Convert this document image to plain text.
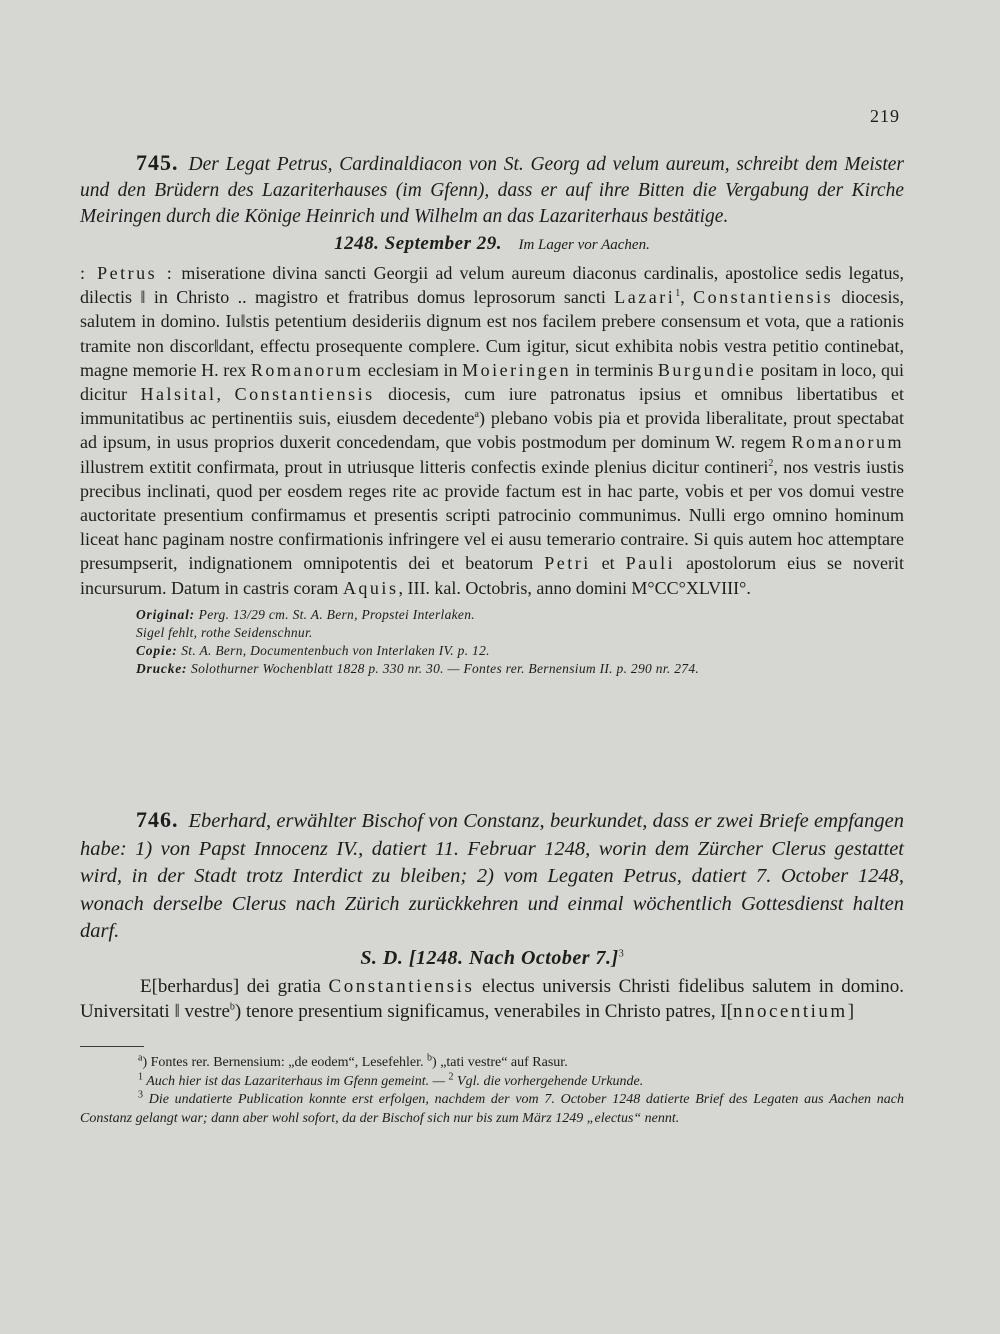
219

745. Der Legat Petrus, Cardinaldiacon von St. Georg ad velum aureum, schreibt dem Meister und den Brüdern des Lazariterhauses (im Gfenn), dass er auf ihre Bitten die Vergabung der Kirche Meiringen durch die Könige Heinrich und Wilhelm an das Lazariterhaus bestätige.

1248. September 29. Im Lager vor Aachen.

: Petrus : miseratione divina sancti Georgii ad velum aureum diaconus cardinalis, apostolice sedis legatus, dilectis ‖ in Christo .. magistro et fratribus domus leprosorum sancti Lazari$^1$, Constantiensis diocesis, salutem in domino. Iu‖stis petentium desideriis dignum est nos facilem prebere consensum et vota, que a rationis tramite non discor‖dant, effectu prosequente complere. Cum igitur, sicut exhibita nobis vestra petitio continebat, magne memorie H. rex Romanorum ecclesiam in Moieringen in terminis Burgundie positam in loco, qui dicitur Halsital, Constantiensis diocesis, cum iure patronatus ipsius et omnibus libertatibus et immunitatibus ac pertinentiis suis, eiusdem decedente$^a$) plebano vobis pia et provida liberalitate, prout spectabat ad ipsum, in usus proprios duxerit concedendam, que vobis postmodum per dominum W. regem Romanorum illustrem extitit confirmata, prout in utriusque litteris confectis exinde plenius dicitur contineri$^2$, nos vestris iustis precibus inclinati, quod per eosdem reges rite ac provide factum est in hac parte, vobis et per vos domui vestre auctoritate presentium confirmamus et presentis scripti patrocinio communimus. Nulli ergo omnino hominum liceat hanc paginam nostre confirmationis infringere vel ei ausu temerario contraire. Si quis autem hoc attemptare presumpserit, indignationem omnipotentis dei et beatorum Petri et Pauli apostolorum eius se noverit incursurum. Datum in castris coram Aquis, III. kal. Octobris, anno domini M°CC°XLVIII°.

Original: Perg. 13/29 cm. St. A. Bern, Propstei Interlaken.
Sigel fehlt, rothe Seidenschnur.
Copie: St. A. Bern, Documentenbuch von Interlaken IV. p. 12.
Drucke: Solothurner Wochenblatt 1828 p. 330 nr. 30. — Fontes rer. Bernensium II. p. 290 nr. 274.

746. Eberhard, erwählter Bischof von Constanz, beurkundet, dass er zwei Briefe empfangen habe: 1) von Papst Innocenz IV., datiert 11. Februar 1248, worin dem Zürcher Clerus gestattet wird, in der Stadt trotz Interdict zu bleiben; 2) vom Legaten Petrus, datiert 7. October 1248, wonach derselbe Clerus nach Zürich zurückkehren und einmal wöchentlich Gottesdienst halten darf.

S. D. [1248. Nach October 7.]$^3$

E[berhardus] dei gratia Constantiensis electus universis Christi fidelibus salutem in domino. Universitati ‖ vestre$^b$) tenore presentium significamus, venerabiles in Christo patres, I[nnocentium]

$^a$) Fontes rer. Bernensium: „de eodem“, Lesefehler. $^b$) „tati vestre“ auf Rasur.

$^1$ Auch hier ist das Lazariterhaus im Gfenn gemeint. — $^2$ Vgl. die vorhergehende Urkunde.

$^3$ Die undatierte Publication konnte erst erfolgen, nachdem der vom 7. October 1248 datierte Brief des Legaten aus Aachen nach Constanz gelangt war; dann aber wohl sofort, da der Bischof sich nur bis zum März 1249 „electus“ nennt.
